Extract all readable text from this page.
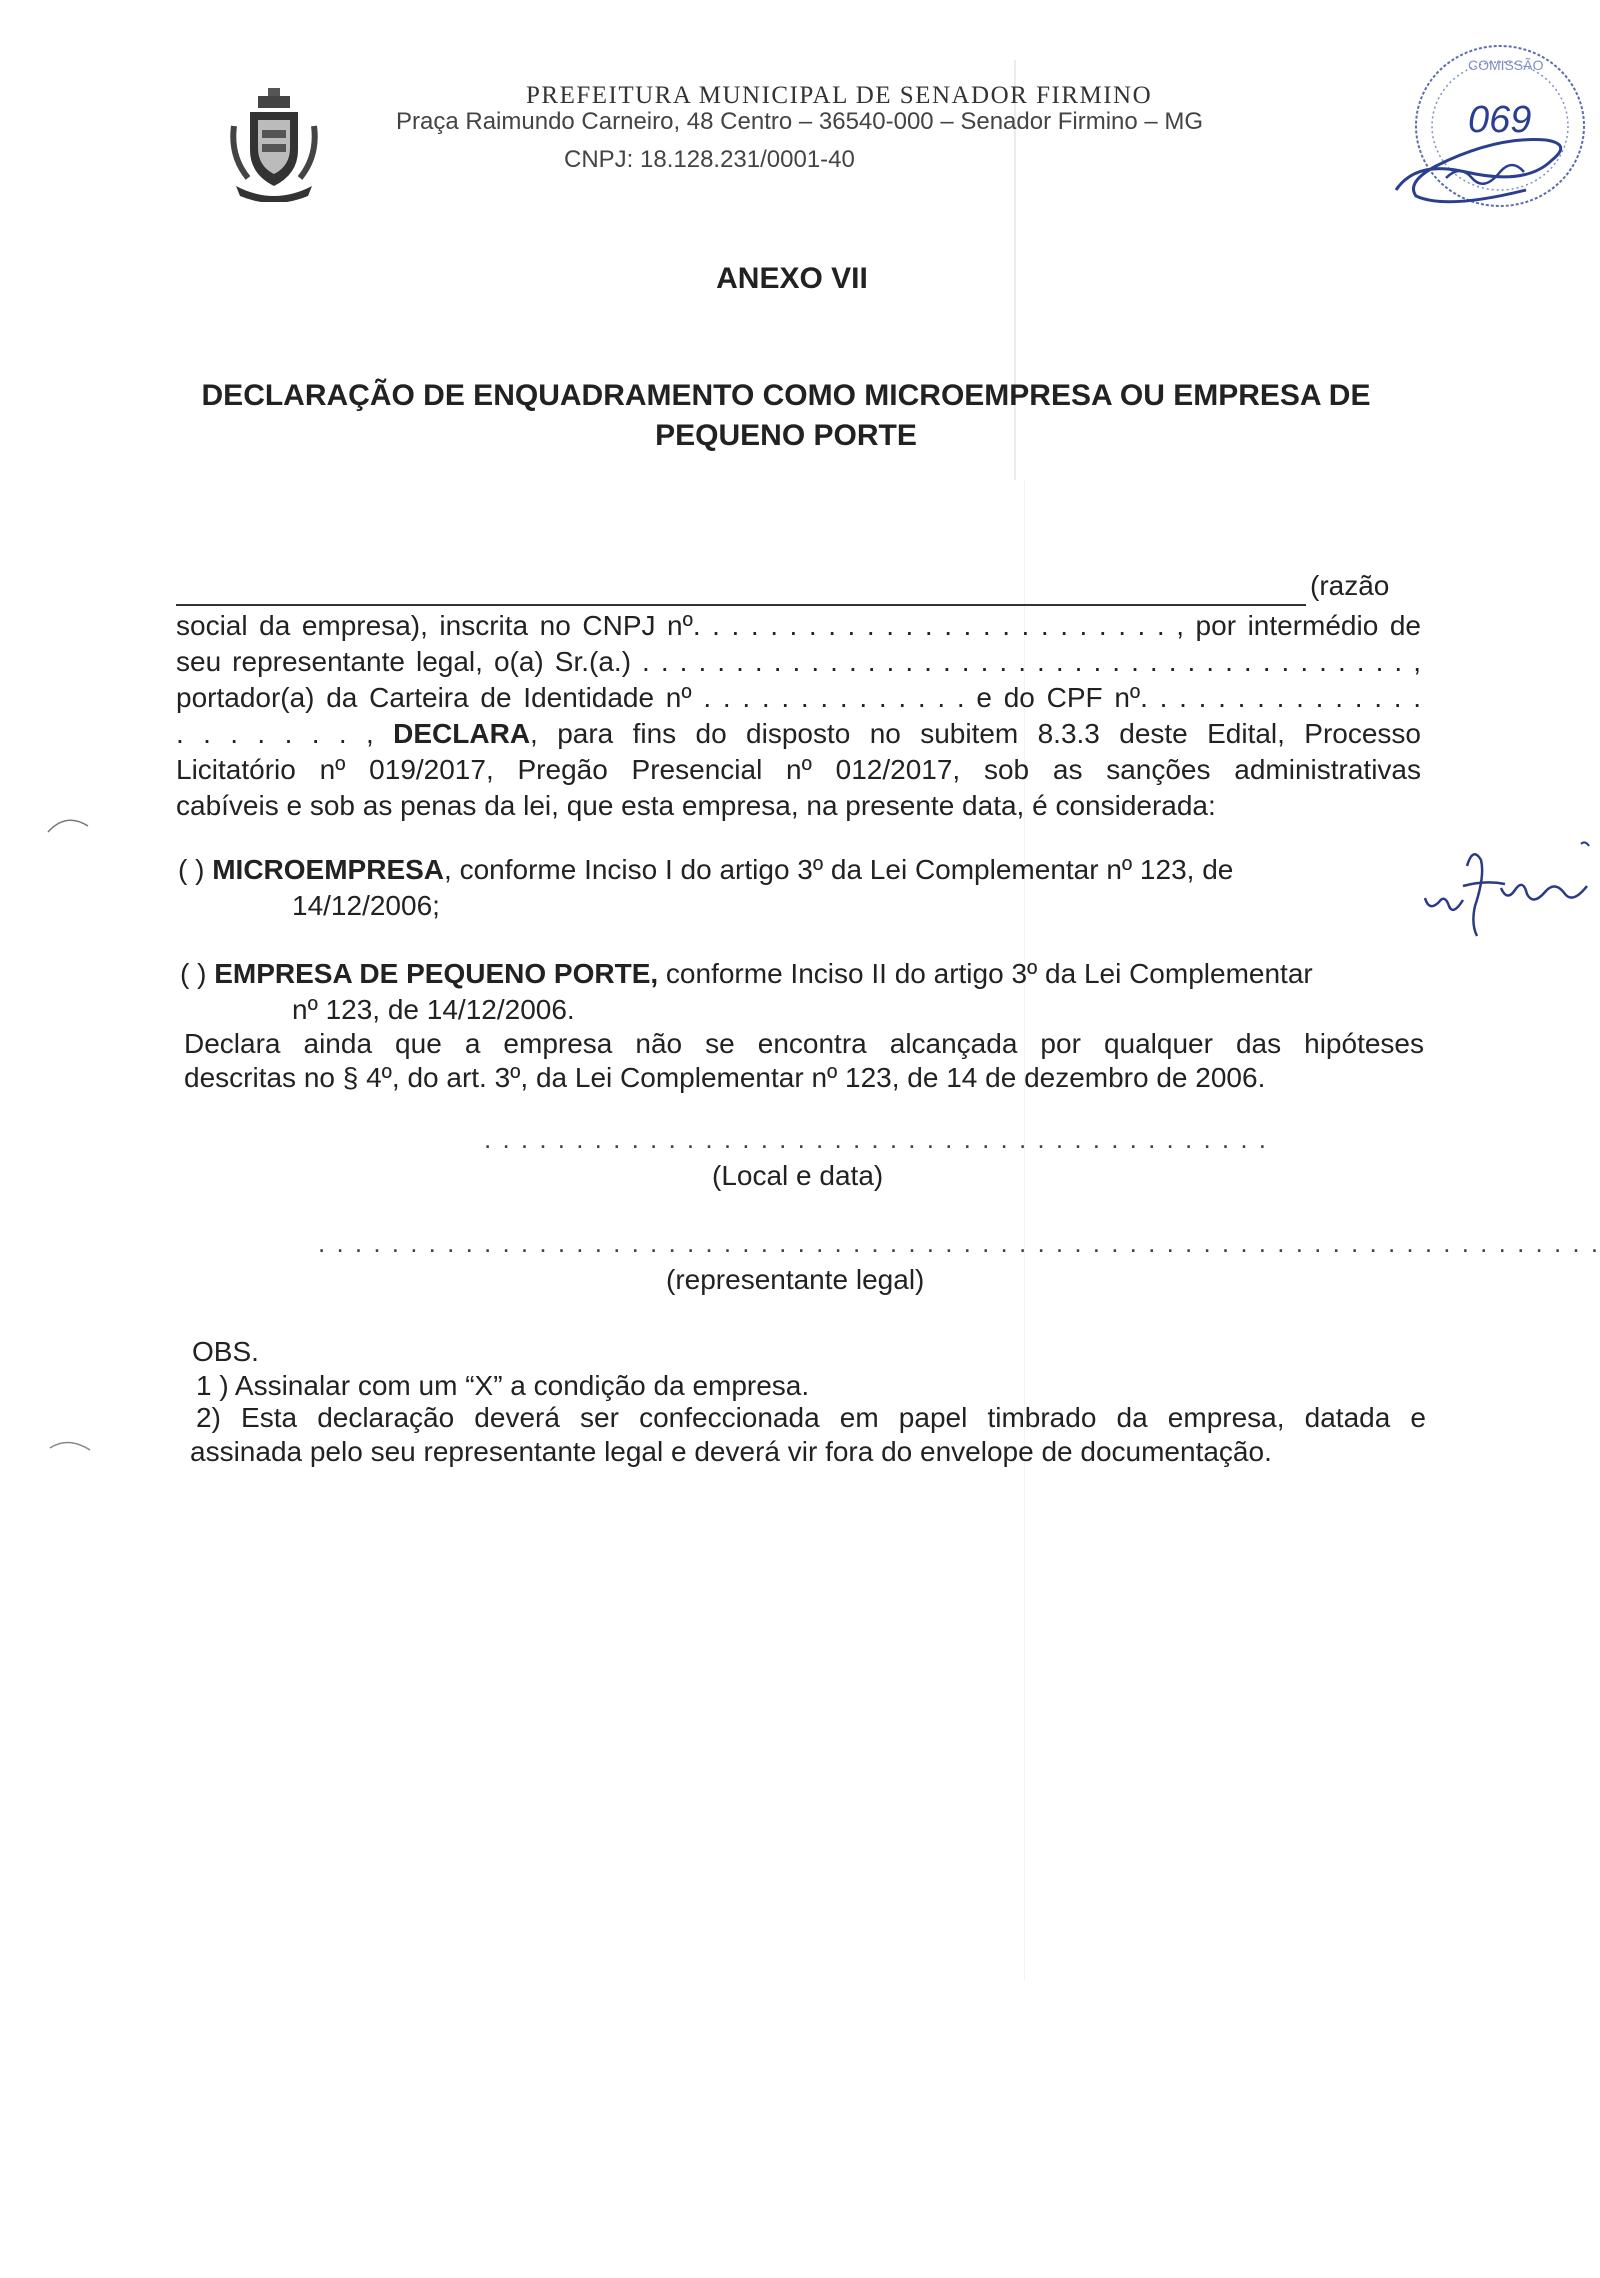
PREFEITURA MUNICIPAL DE SENADOR FIRMINO
Praça Raimundo Carneiro, 48 Centro – 36540-000 – Senador Firmino – MG
CNPJ: 18.128.231/0001-40
COMISSÃO
069
ANEXO VII
DECLARAÇÃO DE ENQUADRAMENTO COMO MICROEMPRESA OU EMPRESA DE
PEQUENO PORTE
(razão
social da empresa), inscrita no CNPJ nº. . . . . . . . . . . . . . . . . . . . . . . . . , por intermédio de
seu representante legal, o(a) Sr.(a.) . . . . . . . . . . . . . . . . . . . . . . . . . . . . . . . . . . . . . . . . . ,
portador(a) da Carteira de Identidade nº . . . . . . . . . . . . . . e do CPF nº. . . . . . . . . . . . . . .
. . . . . . . , DECLARA, para fins do disposto no subitem 8.3.3 deste Edital, Processo
Licitatório nº 019/2017, Pregão Presencial nº 012/2017, sob as sanções administrativas
cabíveis e sob as penas da lei, que esta empresa, na presente data, é considerada:
( ) MICROEMPRESA, conforme Inciso I do artigo 3º da Lei Complementar nº 123, de
14/12/2006;
( ) EMPRESA DE PEQUENO PORTE, conforme Inciso II do artigo 3º da Lei Complementar
nº 123, de 14/12/2006.
Declara ainda que a empresa não se encontra alcançada por qualquer das hipóteses
descritas no § 4º, do art. 3º, da Lei Complementar nº 123, de 14 de dezembro de 2006.
. . . . . . . . . . . . . . . . . . . . . . . . . . . . . . . . . . . . . . . . . . .
(Local e data)
. . . . . . . . . . . . . . . . . . . . . . . . . . . . . . . . . . . . . . . . . . . . . . . . . . . . . . . . . . . . . . . . . . . . . .
(representante legal)
OBS.
1 ) Assinalar com um “X” a condição da empresa.
2) Esta declaração deverá ser confeccionada em papel timbrado da empresa, datada e
assinada pelo seu representante legal e deverá vir fora do envelope de documentação.
